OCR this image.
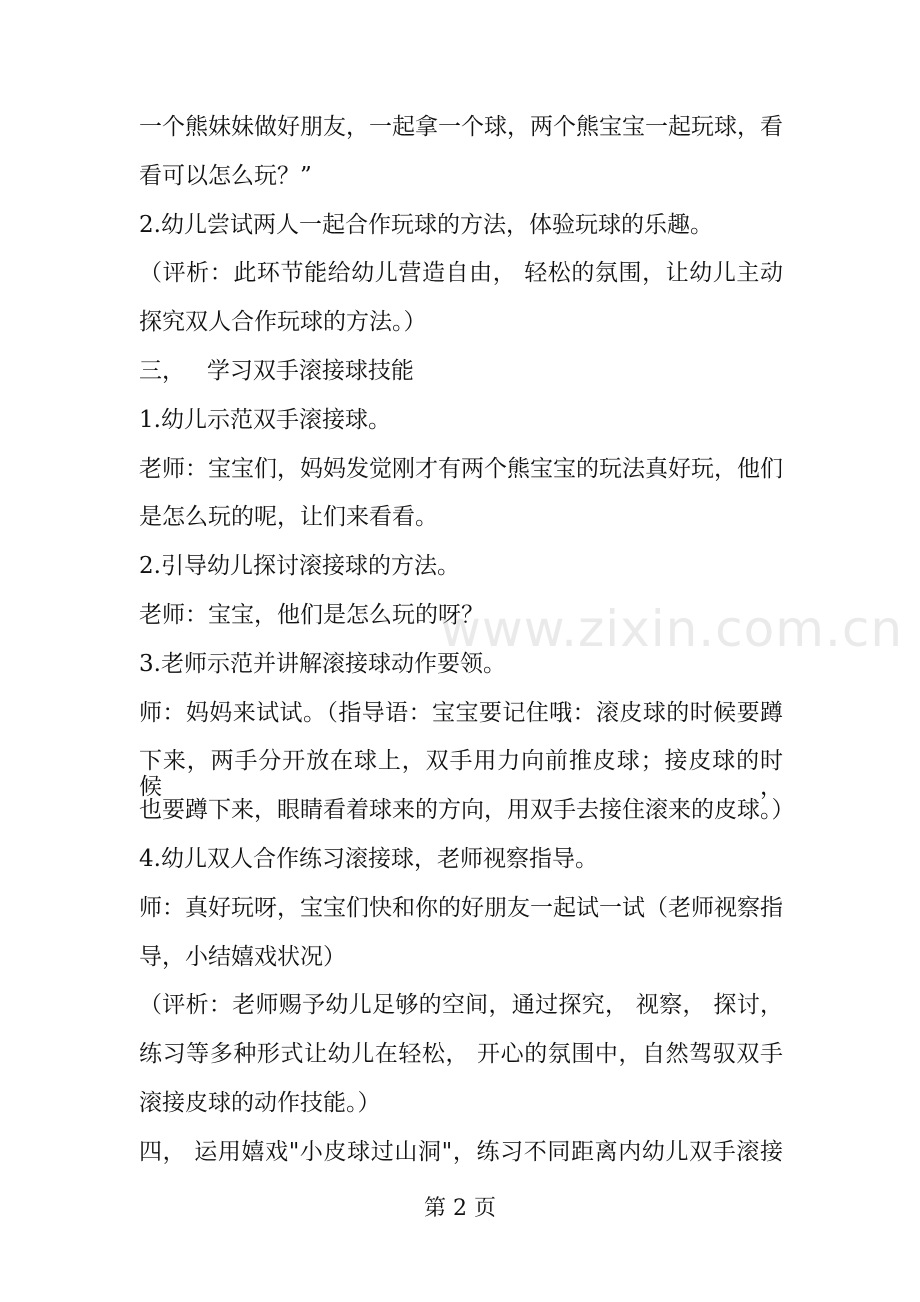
一个熊妹妹做好朋友，一起拿一个球，两个熊宝宝一起玩球，看
看可以怎么玩？”
2.幼儿尝试两人一起合作玩球的方法，体验玩球的乐趣。
（评析：此环节能给幼儿营造自由， 轻松的氛围，让幼儿主动
探究双人合作玩球的方法。）
三，   学习双手滚接球技能
1.幼儿示范双手滚接球。
老师：宝宝们，妈妈发觉刚才有两个熊宝宝的玩法真好玩，他们
是怎么玩的呢，让们来看看。
2.引导幼儿探讨滚接球的方法。
老师：宝宝，他们是怎么玩的呀？
3.老师示范并讲解滚接球动作要领。
师：妈妈来试试。（指导语：宝宝要记住哦：滚皮球的时候要蹲
下来，两手分开放在球上，双手用力向前推皮球；接皮球的时候，
也要蹲下来，眼睛看着球来的方向，用双手去接住滚来的皮球。）
4.幼儿双人合作练习滚接球，老师视察指导。
师：真好玩呀，宝宝们快和你的好朋友一起试一试（老师视察指
导，小结嬉戏状况）
（评析：老师赐予幼儿足够的空间，通过探究， 视察， 探讨，
练习等多种形式让幼儿在轻松， 开心的氛围中，自然驾驭双手
滚接皮球的动作技能。）
四， 运用嬉戏"小皮球过山洞"，练习不同距离内幼儿双手滚接
www.zixin.com.cn
第 2 页
